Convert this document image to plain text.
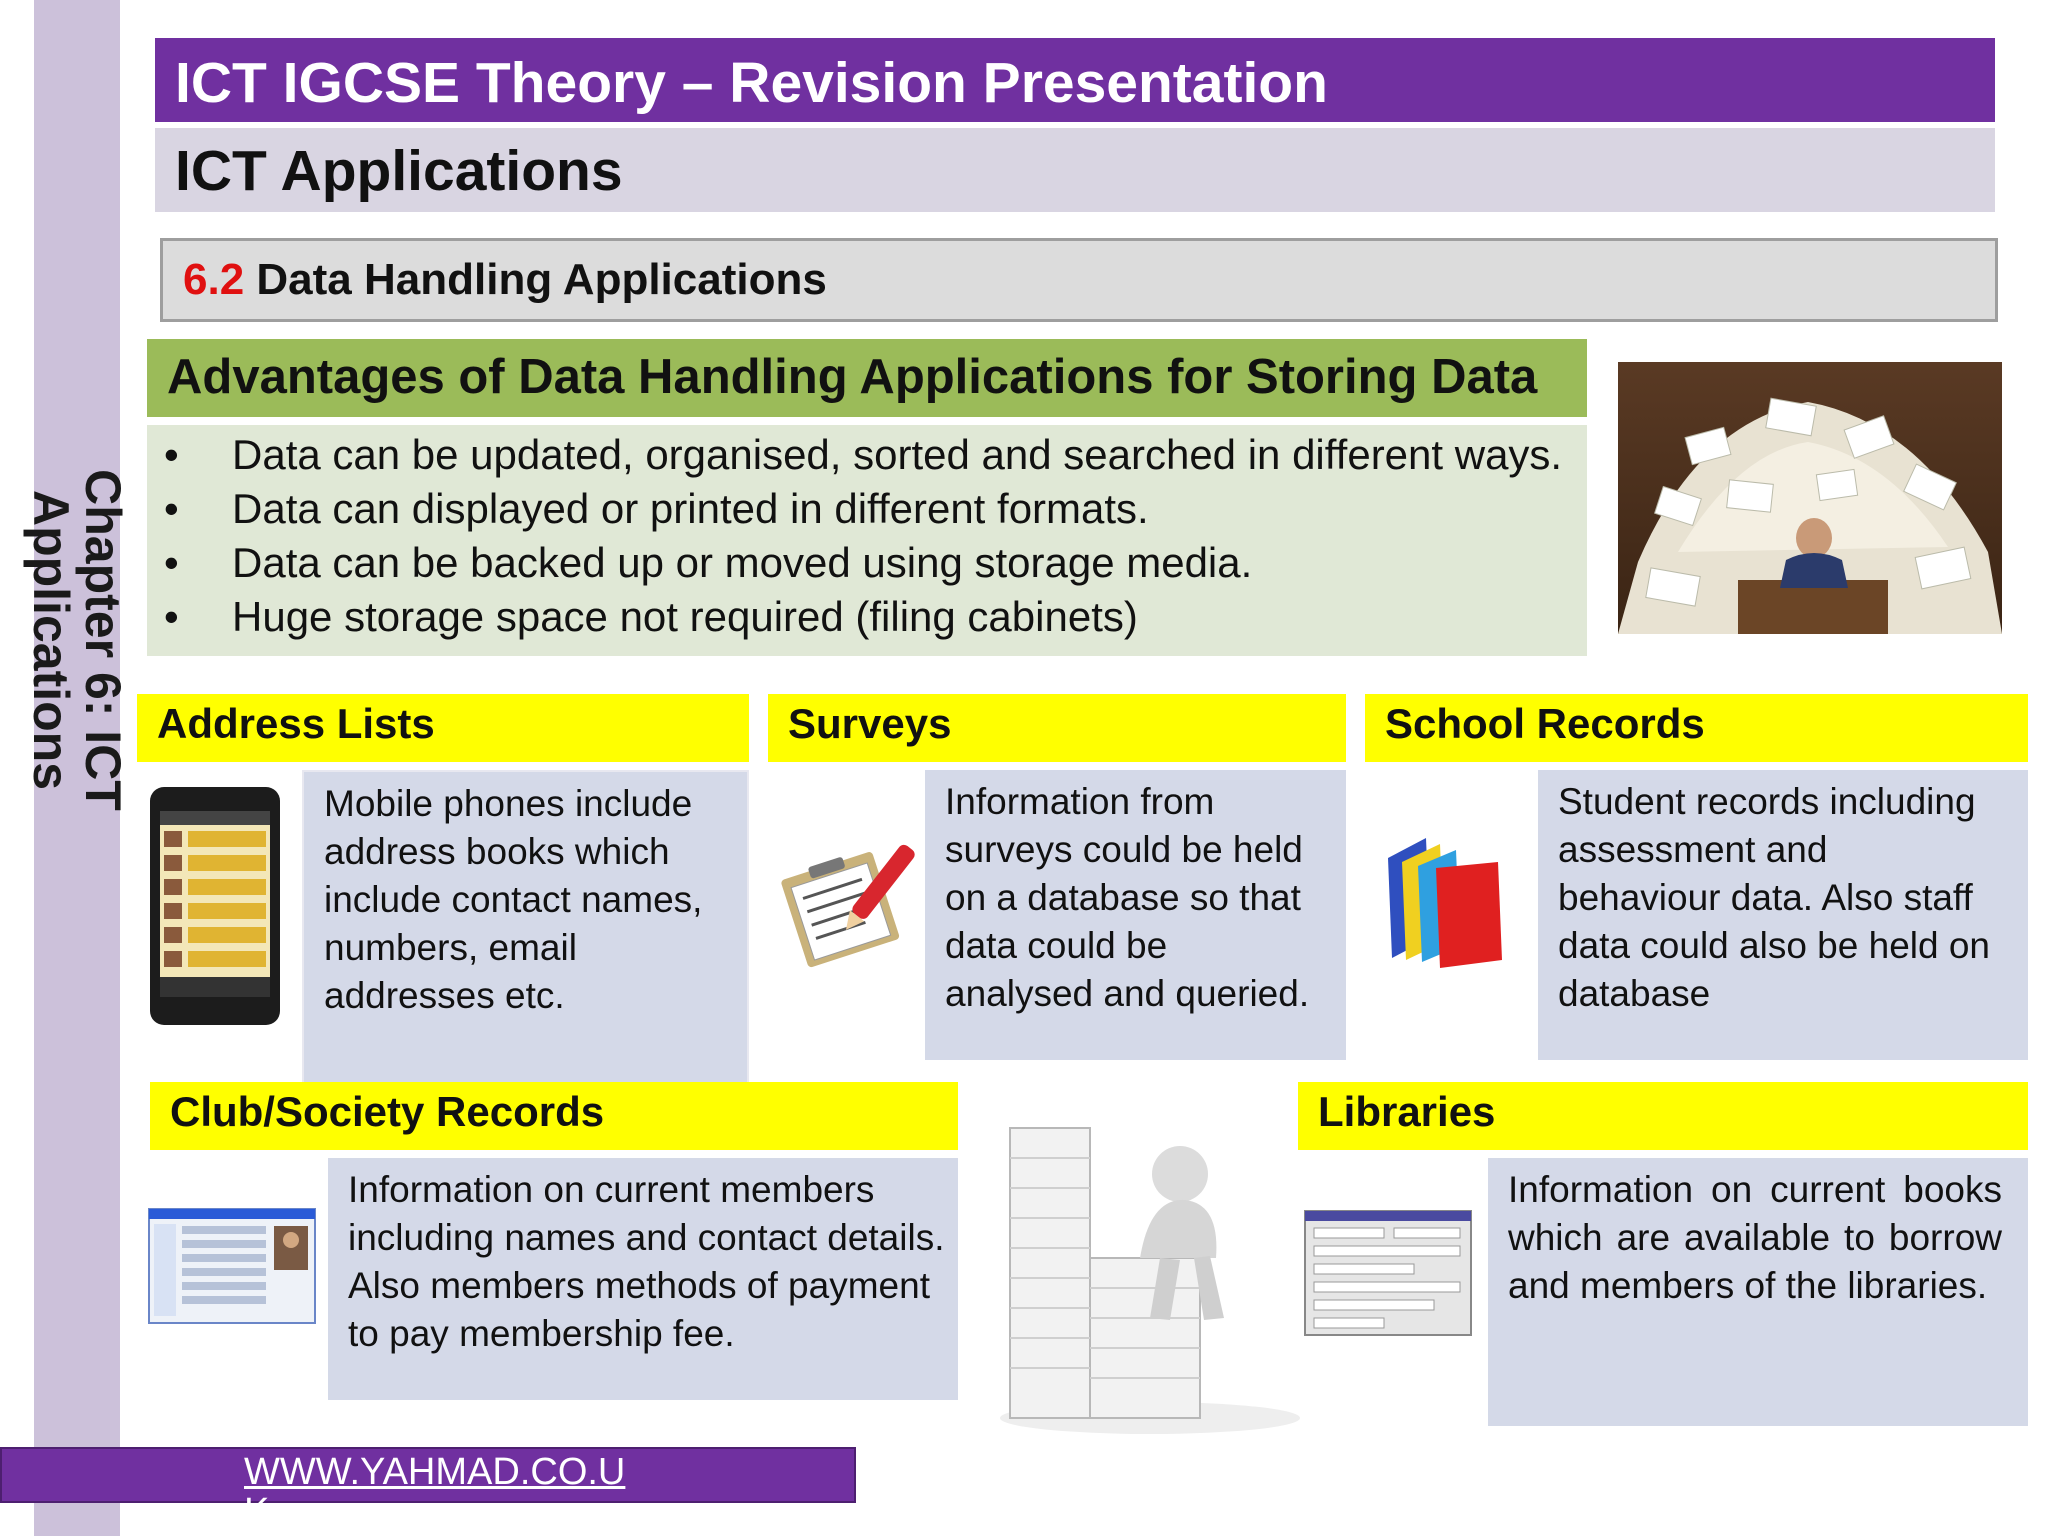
Chapter 6: ICT
Applications
ICT IGCSE Theory – Revision Presentation
ICT Applications
6.2 Data Handling Applications
Advantages of Data Handling Applications for Storing Data
• Data can be updated, organised, sorted and searched in different ways.
• Data can displayed or printed in different formats.
• Data can be backed up or moved using storage media.
• Huge storage space not required (filing cabinets)
Address Lists
Mobile phones include address books which include contact names, numbers, email addresses etc.
Surveys
Information from surveys could be held on a database so that data could be analysed and queried.
School Records
Student records including assessment and behaviour data. Also staff data could also be held on database
Club/Society Records
Information on current members including names and contact details. Also members methods of payment to pay membership fee.
Libraries
Information on current books which are available to borrow and members of the libraries.
WWW.YAHMAD.CO.UK
